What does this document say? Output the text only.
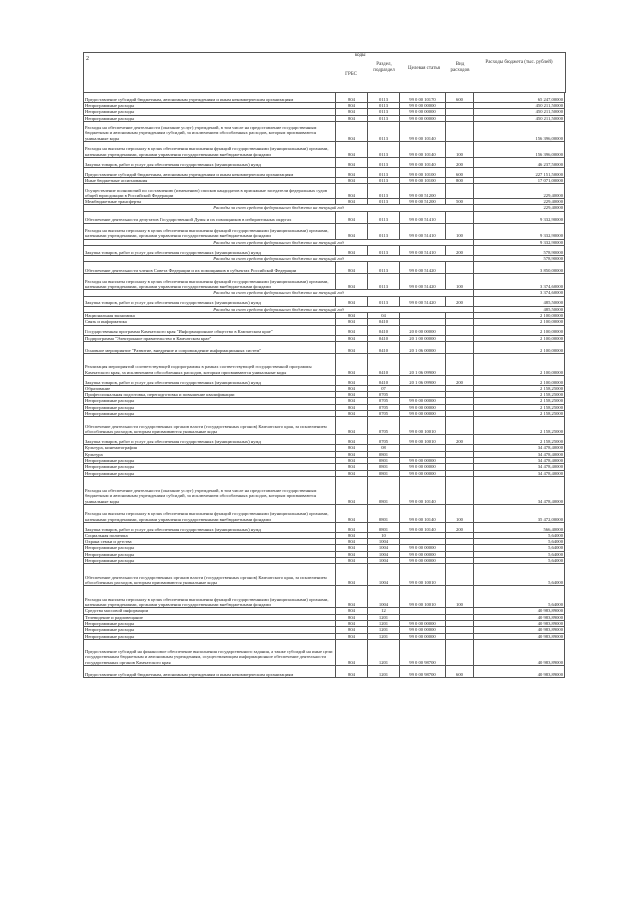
2
коды
ГРБС
Раздел, подраздел	Целевая статья
Вид расходов
Расходы бюджета (тыс. рублей)
Предоставление субсидий бюджетным, автономным учреждениям и иным некоммерческим организациям	804	0113	99 0 00 10170	600	65 247,00000
Непрограммные расходы	804	0113	99 0 00 00000		450 211,50000
Непрограммные расходы	804	0113	99 0 00 00000		450 211,50000
Непрограммные расходы	804	0113	99 0 00 00000		450 211,50000
Расходы на обеспечение деятельности (оказание услуг) учреждений, в том числе на предоставление государственным бюджетным и автономным учреждениям субсидий, за исключением обособленных расходов, которым присваиваются уникальные коды	804	0113	99 0 00 10140		156 396,00000
Расходы на выплаты персоналу в целях обеспечения выполнения функций государственными (муниципальными) органами, казенными учреждениями, органами управления государственными внебюджетными фондами	804	0113	99 0 00 10140	100	156 396,00000
Закупка товаров, работ и услуг для обеспечения государственных (муниципальных) нужд	804	0113	99 0 00 10140	200	46 237,50000
Предоставление субсидий бюджетным, автономным учреждениям и иным некоммерческим организациям	804	0113	99 0 00 10100	600	227 151,50000
Иные бюджетные ассигнования	804	0113	99 0 00 10100	800	17 071,00000
Осуществление полномочий по составлению (изменению) списков кандидатов в присяжные заседатели федеральных судов общей юрисдикции в Российской Федерации	804	0113	99 0 00 51200		229,40000
Межбюджетные трансферты	804	0113	99 0 00 51200	500	229,40000
Расходы за счет средств федерального бюджета на текущий год					229,40000
Обеспечение деятельности депутатов Государственной Думы и их помощников в избирательных округах	804	0113	99 0 00 51410		9 332,90000
Расходы на выплаты персоналу в целях обеспечения выполнения функций государственными (муниципальными) органами, казенными учреждениями, органами управления государственными внебюджетными фондами	804	0113	99 0 00 51410	100	9 332,90000
Расходы за счет средств федерального бюджета на текущий год					9 332,90000
Закупка товаров, работ и услуг для обеспечения государственных (муниципальных) нужд	804	0113	99 0 00 51410	200	578,90000
Расходы за счет средств федерального бюджета на текущий год					578,90000
Обеспечение деятельности членов Совета Федерации и их помощников в субъектах Российской Федерации	804	0113	99 0 00 51420		3 850,00000
Расходы на выплаты персоналу в целях обеспечения выполнения функций государственными (муниципальными) органами, казенными учреждениями, органами управления государственными внебюджетными фондами	804	0113	99 0 00 51420	100	3 374,60000
Расходы за счет средств федерального бюджета на текущий год					3 374,60000
Закупка товаров, работ и услуг для обеспечения государственных (муниципальных) нужд	804	0113	99 0 00 51420	200	485,50000
Расходы за счет средств федерального бюджета на текущий год					485,50000
Национальная экономика	804	04			2 100,00000
Связь и информатика	804	0410			2 100,00000
Государственная программа Камчатского края "Информационное общество в Камчатском крае"	804	0410	20 0 00 00000		2 100,00000
Подпрограмма "Электронное правительство в Камчатском крае"	804	0410	20 1 00 00000		2 100,00000
Основное мероприятие "Развитие, внедрение и сопровождение информационных систем"	804	0410	20 1 06 00000		2 100,00000
Реализация мероприятий соответствующей подпрограммы в рамках соответствующей государственной программы Камчатского края, за исключением обособленных расходов, которым присваиваются уникальные коды	804	0410	20 1 06 09900		2 100,00000
Закупка товаров, работ и услуг для обеспечения государственных (муниципальных) нужд	804	0410	20 1 06 09900	200	2 100,00000
Образование	804	07			2 158,25000
Профессиональная подготовка, переподготовка и повышение квалификации	804	0705			2 158,25000
Непрограммные расходы	804	0705	99 0 00 00000		2 158,25000
Непрограммные расходы	804	0705	99 0 00 00000		2 158,25000
Непрограммные расходы	804	0705	99 0 00 00000		2 158,25000
Обеспечение деятельности государственных органов власти (государственных органов) Камчатского края, за исключением обособленных расходов, которым присваиваются уникальные коды	804	0705	99 0 00 10010		2 158,25000
Закупка товаров, работ и услуг для обеспечения государственных (муниципальных) нужд	804	0705	99 0 00 10010	200	2 158,25000
Культура, кинематография	804	08			34 478,40000
Культура	804	0801			34 478,40000
Непрограммные расходы	804	0801	99 0 00 00000		34 478,40000
Непрограммные расходы	804	0801	99 0 00 00000		34 478,40000
Непрограммные расходы	804	0801	99 0 00 00000		34 478,40000
Расходы на обеспечение деятельности (оказание услуг) учреждений, в том числе на предоставление государственным бюджетным и автономным учреждениям субсидий, за исключением обособленных расходов, которым присваиваются уникальные коды	804	0801	99 0 00 10140		34 478,40000
Расходы на выплаты персоналу в целях обеспечения выполнения функций государственными (муниципальными) органами, казенными учреждениями, органами управления государственными внебюджетными фондами	804	0801	99 0 00 10140	100	35 472,00000
Закупка товаров, работ и услуг для обеспечения государственных (муниципальных) нужд	804	0801	99 0 00 10140	200	566,40000
Социальная политика	804	10			5,64000
Охрана семьи и детства	804	1004			5,64000
Непрограммные расходы	804	1004	99 0 00 00000		5,64000
Непрограммные расходы	804	1004	99 0 00 00000		5,64000
Непрограммные расходы	804	1004	99 0 00 00000		5,64000
Обеспечение деятельности государственных органов власти (государственных органов) Камчатского края, за исключением обособленных расходов, которым присваиваются уникальные коды	804	1004	99 0 00 10010		5,64000
Расходы на выплаты персоналу в целях обеспечения выполнения функций государственными (муниципальными) органами, казенными учреждениями, органами управления государственными внебюджетными фондами	804	1004	99 0 00 10010	100	5,64000
Средства массовой информации	804	12			40 983,89000
Телевидение и радиовещание	804	1201			40 983,89000
Непрограммные расходы	804	1201	99 0 00 00000		40 983,89000
Непрограммные расходы	804	1201	99 0 00 00000		40 983,89000
Непрограммные расходы	804	1201	99 0 00 00000		40 983,89000
Предоставление субсидий на финансовое обеспечение выполнения государственного задания, а также субсидий на иные цели государственным бюджетным и автономным учреждениям, осуществляющим информационное обеспечение деятельности государственных органов Камчатского края	804	1201	99 0 00 98700		40 983,89000
Предоставление субсидий бюджетным, автономным учреждениям и иным некоммерческим организациям	804	1201	99 0 00 98700	600	40 983,89000
